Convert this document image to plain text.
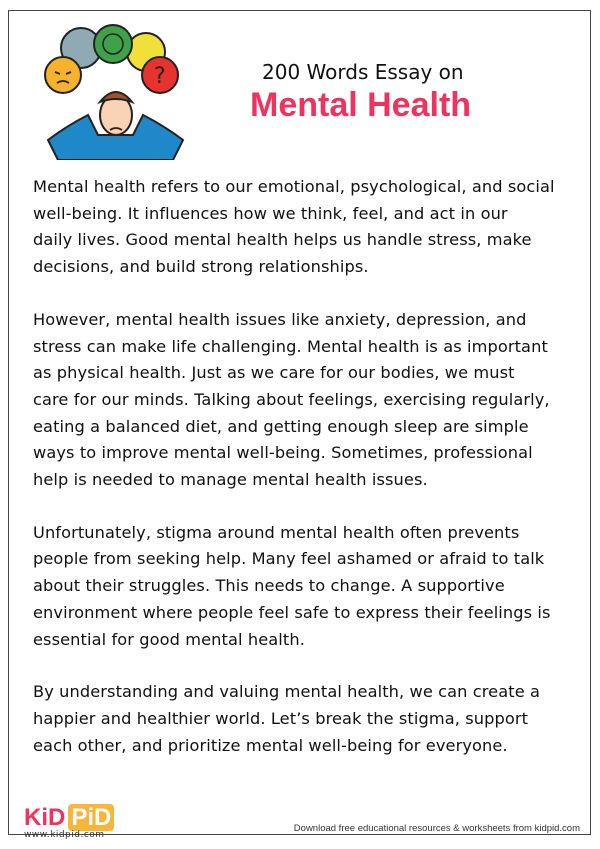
?	200 Words Essay on
Mental Health
Mental health refers to our emotional, psychological, and social
well-being. It influences how we think, feel, and act in our
daily lives. Good mental health helps us handle stress, make
decisions, and build strong relationships.
However, mental health issues like anxiety, depression, and
stress can make life challenging. Mental health is as important
as physical health. Just as we care for our bodies, we must
care for our minds. Talking about feelings, exercising regularly,
eating a balanced diet, and getting enough sleep are simple
ways to improve mental well-being. Sometimes, professional
help is needed to manage mental health issues.
Unfortunately, stigma around mental health often prevents
people from seeking help. Many feel ashamed or afraid to talk
about their struggles. This needs to change. A supportive
environment where people feel safe to express their feelings is
essential for good mental health.
By understanding and valuing mental health, we can create a
happier and healthier world. Let’s break the stigma, support
each other, and prioritize mental well-being for everyone.
KiD PiD
www.kidpid.com
Download free educational resources & worksheets from kidpid.com
